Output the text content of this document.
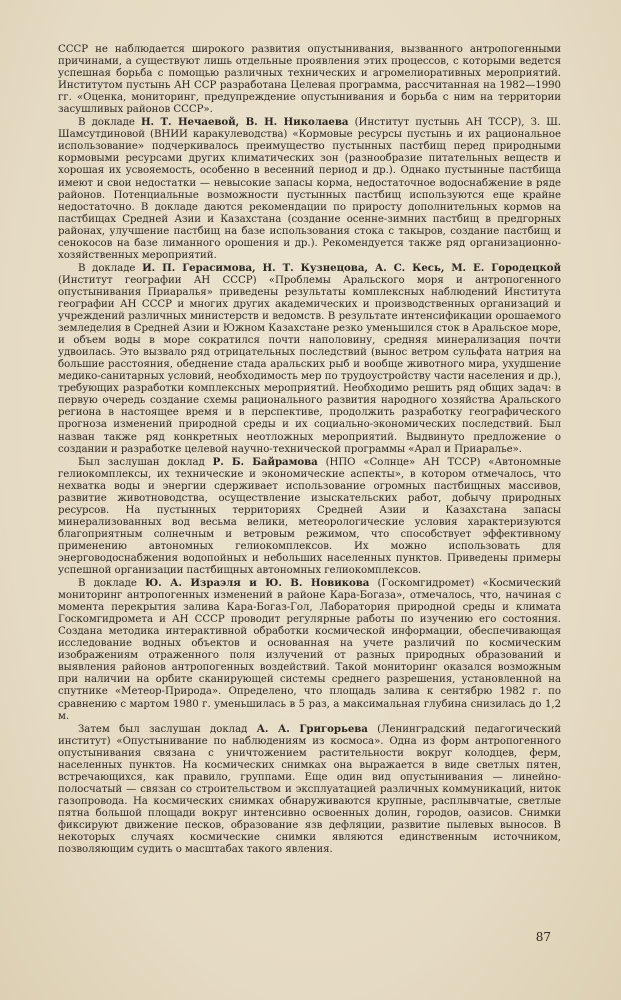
СССР не наблюдается широкого развития опустынивания, вызванного антропогенными причинами, а существуют лишь отдельные проявления этих процессов, с которыми ведется успешная борьба с помощью различных технических и агромелиоративных мероприятий. Институтом пустынь АН ССР разработана Целевая программа, рассчитанная на 1982—1990 гг. «Оценка, мониторинг, предупреждение опустынивания и борьба с ним на территории засушливых районов СССР».

В докладе Н. Т. Нечаевой, В. Н. Николаева (Институт пустынь АН ТССР), З. Ш. Шамсутдиновой (ВНИИ каракулеводства) «Кормовые ресурсы пустынь и их рациональное использование» подчеркивалось преимущество пустынных пастбищ перед природными кормовыми ресурсами других климатических зон (разнообразие питательных веществ и хорошая их усвояемость, особенно в весенний период и др.). Однако пустынные пастбища имеют и свои недостатки — невысокие запасы корма, недостаточное водоснабжение в ряде районов. Потенциальные возможности пустынных пастбищ используются еще крайне недостаточно. В докладе даются рекомендации по приросту дополнительных кормов на пастбищах Средней Азии и Казахстана (создание осенне-зимних пастбищ в предгорных районах, улучшение пастбищ на базе использования стока с такыров, создание пастбищ и сенокосов на базе лиманного орошения и др.). Рекомендуется также ряд организационно-хозяйственных мероприятий.

В докладе И. П. Герасимова, Н. Т. Кузнецова, А. С. Кесь, М. Е. Городецкой (Институт географии АН СССР) «Проблемы Аральского моря и антропогенного опустынивания Приаралья» приведены результаты комплексных наблюдений Института географии АН СССР и многих других академических и производственных организаций и учреждений различных министерств и ведомств. В результате интенсификации орошаемого земледелия в Средней Азии и Южном Казахстане резко уменьшился сток в Аральское море, и объем воды в море сократился почти наполовину, средняя минерализация почти удвоилась. Это вызвало ряд отрицательных последствий (вынос ветром сульфата натрия на большие расстояния, обеднение стада аральских рыб и вообще животного мира, ухудшение медико-санитарных условий, необходимость мер по трудоустройству части населения и др.), требующих разработки комплексных мероприятий. Необходимо решить ряд общих задач: в первую очередь создание схемы рационального развития народного хозяйства Аральского региона в настоящее время и в перспективе, продолжить разработку географического прогноза изменений природной среды и их социально-экономических последствий. Был назван также ряд конкретных неотложных мероприятий. Выдвинуто предложение о создании и разработке целевой научно-технической программы «Арал и Приаралье».

Был заслушан доклад Р. Б. Байрамова (НПО «Солнце» АН ТССР) «Автономные гелиокомплексы, их технические и экономические аспекты», в котором отмечалось, что нехватка воды и энергии сдерживает использование огромных пастбищных массивов, развитие животноводства, осуществление изыскательских работ, добычу природных ресурсов. На пустынных территориях Средней Азии и Казахстана запасы минерализованных вод весьма велики, метеорологические условия характеризуются благоприятным солнечным и ветровым режимом, что способствует эффективному применению автономных гелиокомплексов. Их можно использовать для энерговодоснабжения водопойных и небольших населенных пунктов. Приведены примеры успешной организации пастбищных автономных гелиокомплексов.

В докладе Ю. А. Израэля и Ю. В. Новикова (Госкомгидромет) «Космический мониторинг антропогенных изменений в районе Кара-Богаза», отмечалось, что, начиная с момента перекрытия залива Кара-Богаз-Гол, Лаборатория природной среды и климата Госкомгидромета и АН СССР проводит регулярные работы по изучению его состояния. Создана методика интерактивной обработки космической информации, обеспечивающая исследование водных объектов и основанная на учете различий по космическим изображениям отраженного поля излучений от разных природных образований и выявления районов антропогенных воздействий. Такой мониторинг оказался возможным при наличии на орбите сканирующей системы среднего разрешения, установленной на спутнике «Метеор-Природа». Определено, что площадь залива к сентябрю 1982 г. по сравнению с мартом 1980 г. уменьшилась в 5 раз, а максимальная глубина снизилась до 1,2 м.

Затем был заслушан доклад А. А. Григорьева (Ленинградский педагогический институт) «Опустынивание по наблюдениям из космоса». Одна из форм антропогенного опустынивания связана с уничтожением растительности вокруг колодцев, ферм, населенных пунктов. На космических снимках она выражается в виде светлых пятен, встречающихся, как правило, группами. Еще один вид опустынивания — линейно-полосчатый — связан со строительством и эксплуатацией различных коммуникаций, ниток газопровода. На космических снимках обнаруживаются крупные, расплывчатые, светлые пятна большой площади вокруг интенсивно освоенных долин, городов, оазисов. Снимки фиксируют движение песков, образование язв дефляции, развитие пылевых выносов. В некоторых случаях космические снимки являются единственным источником, позволяющим судить о масштабах такого явления.

87
